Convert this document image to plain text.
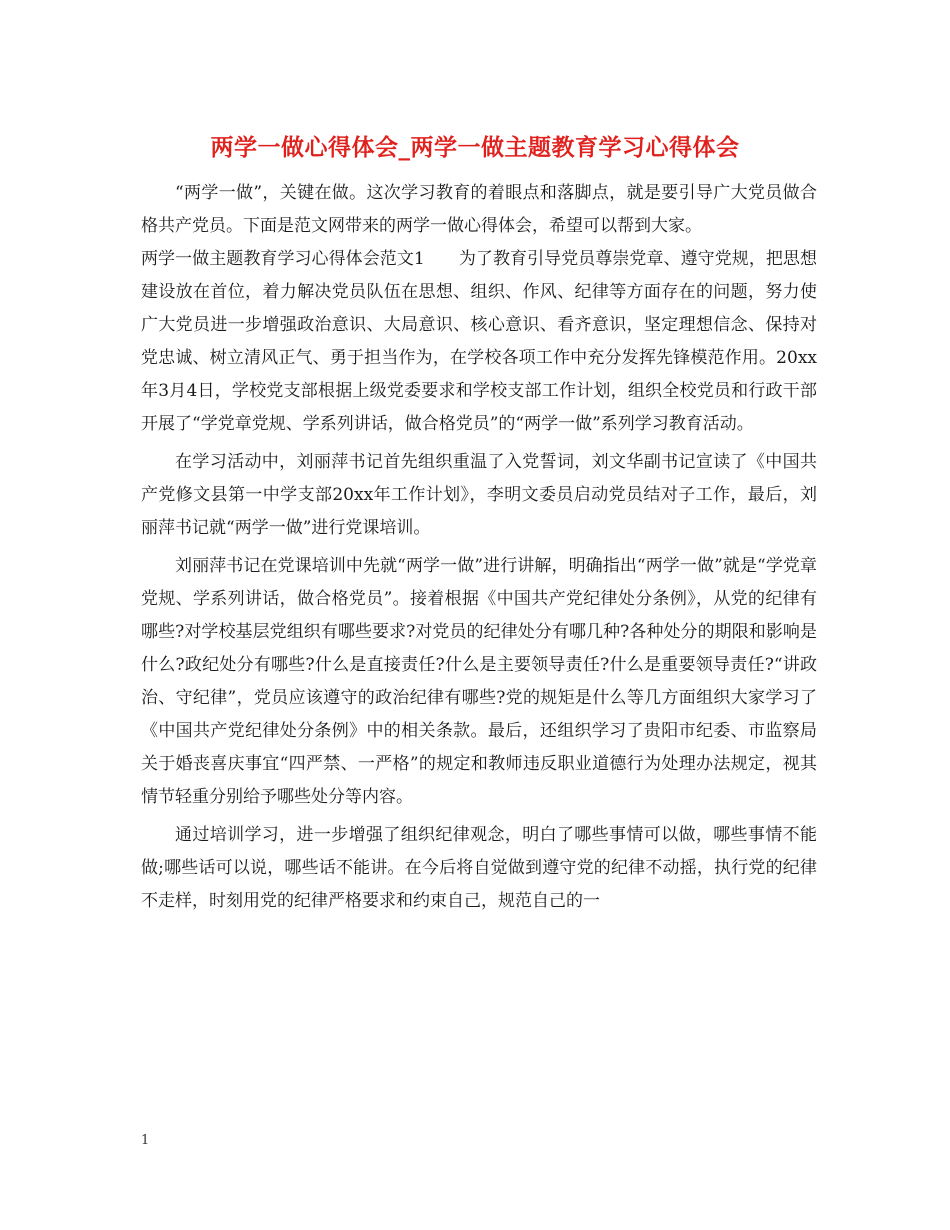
两学一做心得体会_两学一做主题教育学习心得体会

“两学一做”，关键在做。这次学习教育的着眼点和落脚点，就是要引导广大党员做合格共产党员。下面是范文网带来的两学一做心得体会，希望可以帮到大家。

两学一做主题教育学习心得体会范文1　　为了教育引导党员尊崇党章、遵守党规，把思想建设放在首位，着力解决党员队伍在思想、组织、作风、纪律等方面存在的问题，努力使广大党员进一步增强政治意识、大局意识、核心意识、看齐意识，坚定理想信念、保持对党忠诚、树立清风正气、勇于担当作为，在学校各项工作中充分发挥先锋模范作用。20xx年3月4日，学校党支部根据上级党委要求和学校支部工作计划，组织全校党员和行政干部开展了“学党章党规、学系列讲话，做合格党员”的“两学一做”系列学习教育活动。

在学习活动中，刘丽萍书记首先组织重温了入党誓词，刘文华副书记宣读了《中国共产党修文县第一中学支部20xx年工作计划》，李明文委员启动党员结对子工作，最后，刘丽萍书记就“两学一做”进行党课培训。

刘丽萍书记在党课培训中先就“两学一做”进行讲解，明确指出“两学一做”就是“学党章党规、学系列讲话，做合格党员”。接着根据《中国共产党纪律处分条例》，从党的纪律有哪些?对学校基层党组织有哪些要求?对党员的纪律处分有哪几种?各种处分的期限和影响是什么?政纪处分有哪些?什么是直接责任?什么是主要领导责任?什么是重要领导责任?“讲政治、守纪律”，党员应该遵守的政治纪律有哪些?党的规矩是什么等几方面组织大家学习了《中国共产党纪律处分条例》中的相关条款。最后，还组织学习了贵阳市纪委、市监察局关于婚丧喜庆事宜“四严禁、一严格”的规定和教师违反职业道德行为处理办法规定，视其情节轻重分别给予哪些处分等内容。

通过培训学习，进一步增强了组织纪律观念，明白了哪些事情可以做，哪些事情不能做;哪些话可以说，哪些话不能讲。在今后将自觉做到遵守党的纪律不动摇，执行党的纪律不走样，时刻用党的纪律严格要求和约束自己，规范自己的一

1
